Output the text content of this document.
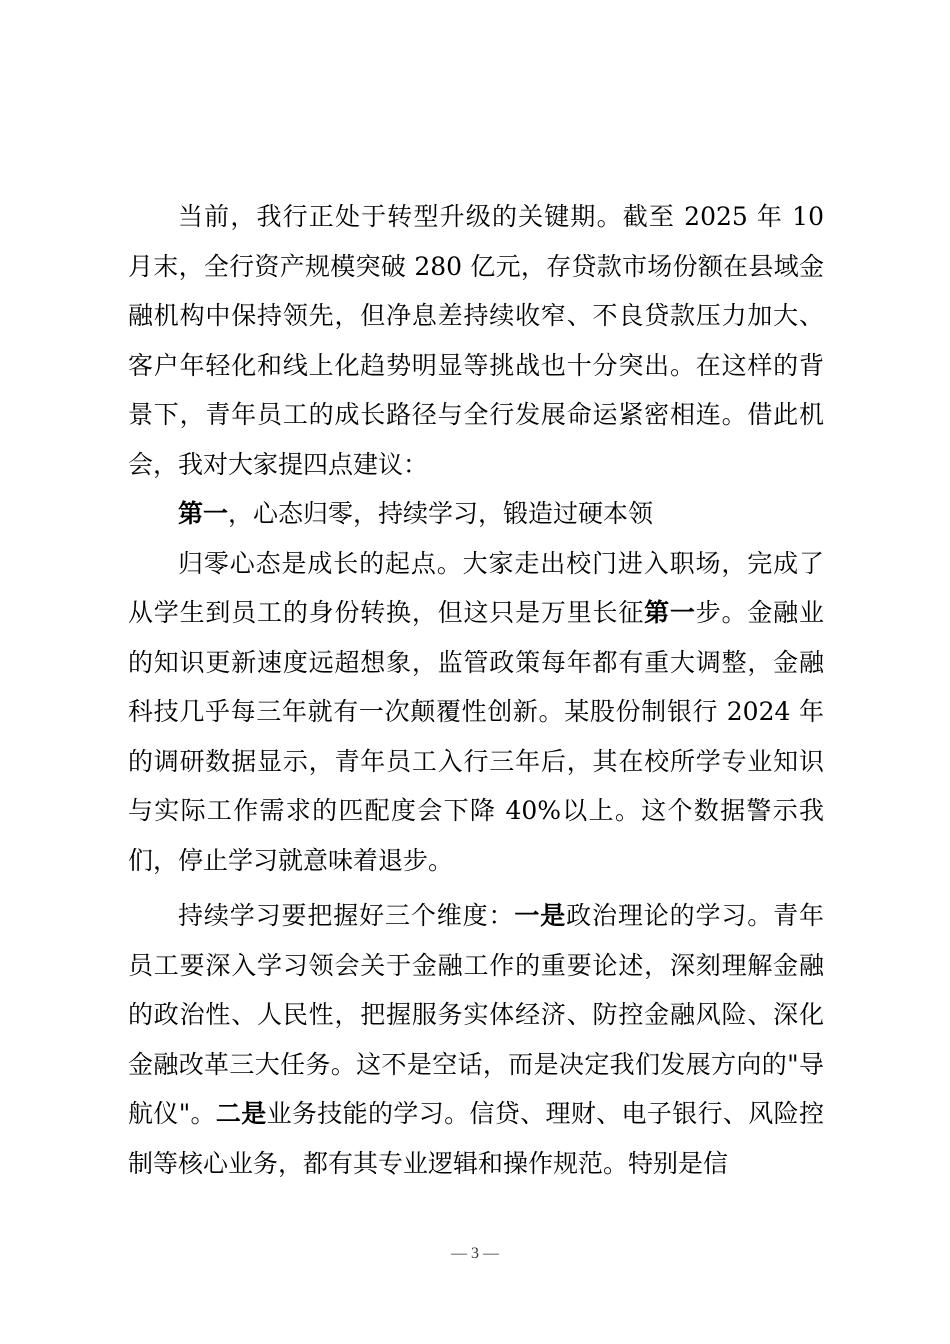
当前，我行正处于转型升级的关键期。截至 2025 年 10 月末，全行资产规模突破 280 亿元，存贷款市场份额在县域金融机构中保持领先，但净息差持续收窄、不良贷款压力加大、客户年轻化和线上化趋势明显等挑战也十分突出。在这样的背景下，青年员工的成长路径与全行发展命运紧密相连。借此机会，我对大家提四点建议：

第一，心态归零，持续学习，锻造过硬本领

归零心态是成长的起点。大家走出校门进入职场，完成了从学生到员工的身份转换，但这只是万里长征第一步。金融业的知识更新速度远超想象，监管政策每年都有重大调整，金融科技几乎每三年就有一次颠覆性创新。某股份制银行 2024 年的调研数据显示，青年员工入行三年后，其在校所学专业知识与实际工作需求的匹配度会下降 40%以上。这个数据警示我们，停止学习就意味着退步。

持续学习要把握好三个维度：一是政治理论的学习。青年员工要深入学习领会关于金融工作的重要论述，深刻理解金融的政治性、人民性，把握服务实体经济、防控金融风险、深化金融改革三大任务。这不是空话，而是决定我们发展方向的"导航仪"。二是业务技能的学习。信贷、理财、电子银行、风险控制等核心业务，都有其专业逻辑和操作规范。特别是信

— 3 —
